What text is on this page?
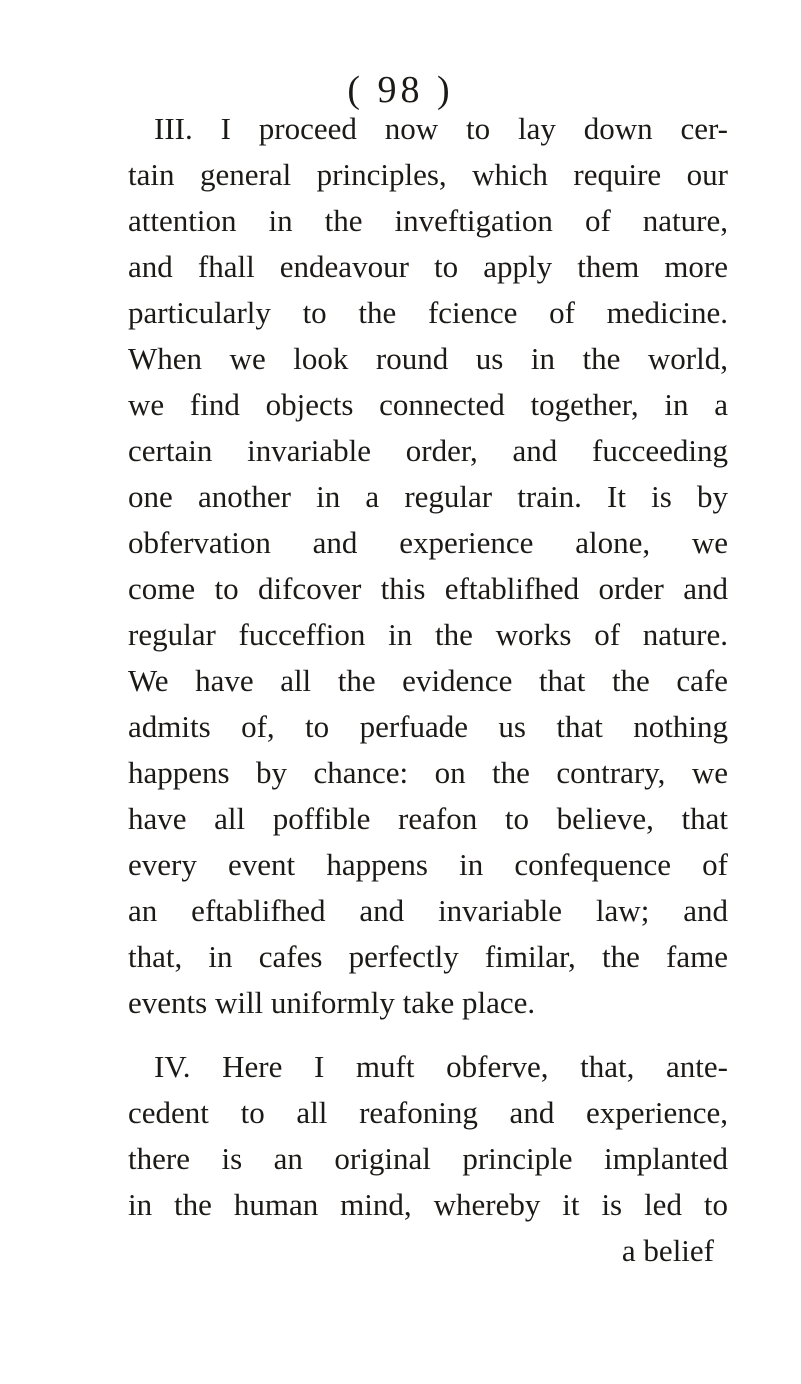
( 98 )
III. I proceed now to lay down cer-
tain general principles, which require our
attention in the inveftigation of nature,
and fhall endeavour to apply them more
particularly to the fcience of medicine.
When we look round us in the world,
we find objects connected together, in a
certain invariable order, and fucceeding
one another in a regular train. It is by
obfervation and experience alone, we
come to difcover this eftablifhed order and
regular fucceffion in the works of nature.
We have all the evidence that the cafe
admits of, to perfuade us that nothing
happens by chance: on the contrary, we
have all poffible reafon to believe, that
every event happens in confequence of
an eftablifhed and invariable law; and
that, in cafes perfectly fimilar, the fame
events will uniformly take place.
IV. Here I muft obferve, that, ante-
cedent to all reafoning and experience,
there is an original principle implanted
in the human mind, whereby it is led to
a belief
